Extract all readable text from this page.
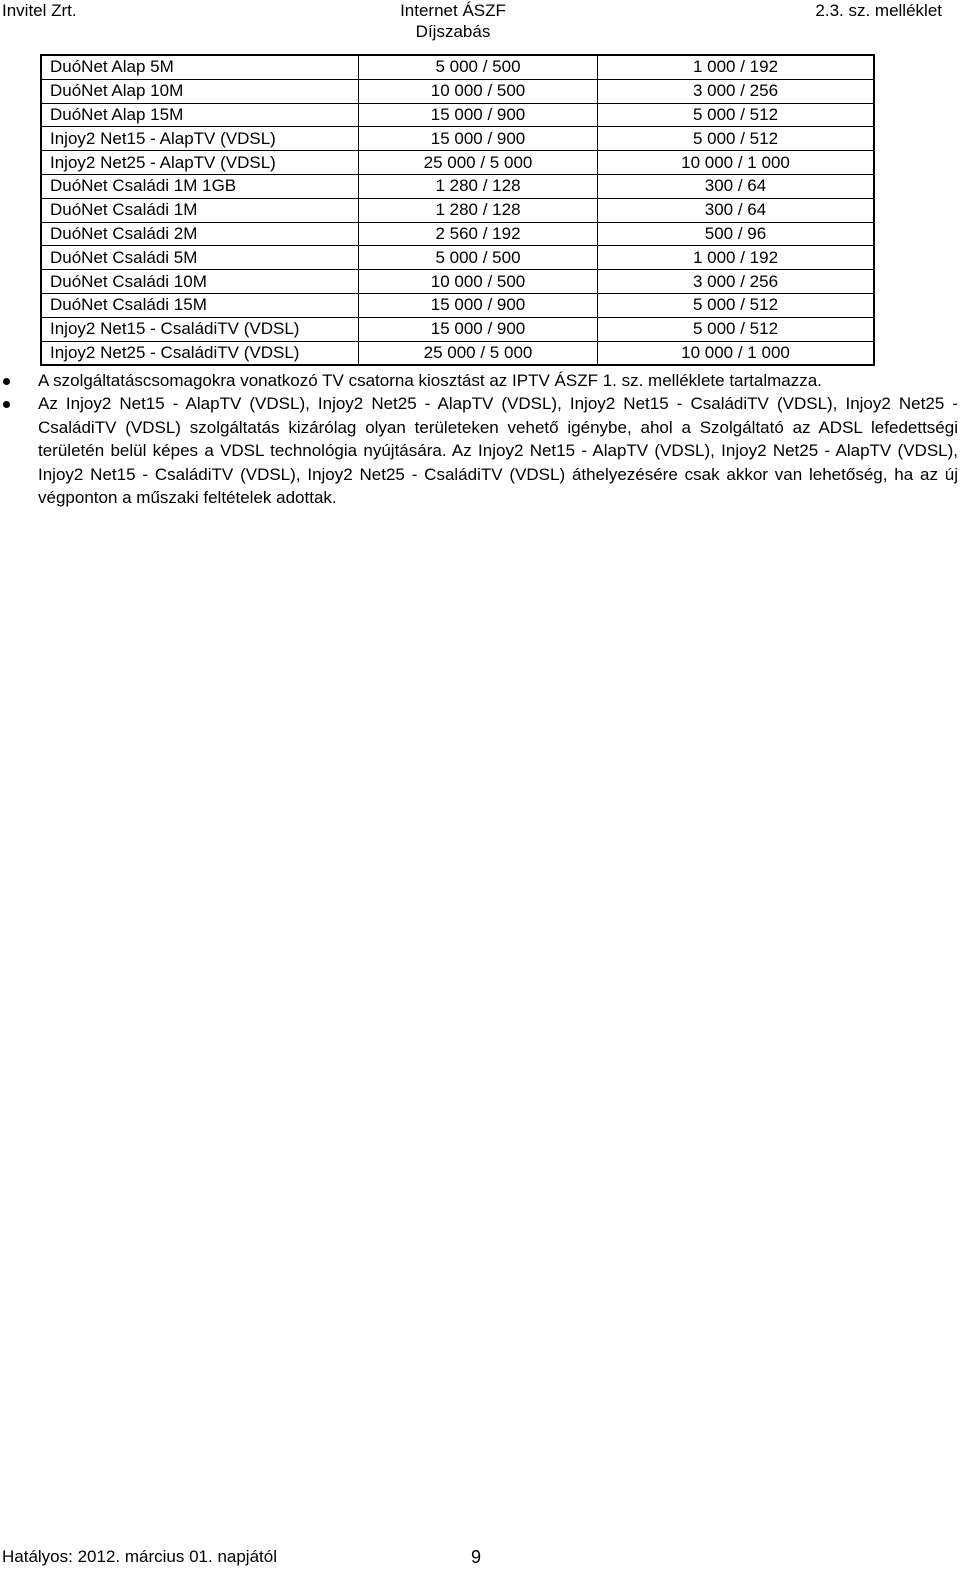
Invitel Zrt.	Internet ÁSZF
Díjszabás
2.3. sz. melléklet
DuóNet Alap 5M	5 000 / 500	1 000 / 192
DuóNet Alap 10M	10 000 / 500	3 000 / 256
DuóNet Alap 15M	15 000 / 900	5 000 / 512
Injoy2 Net15 - AlapTV (VDSL)	15 000 / 900	5 000 / 512
Injoy2 Net25 - AlapTV (VDSL)	25 000 / 5 000	10 000 / 1 000
DuóNet Családi 1M 1GB	1 280 / 128	300 / 64
DuóNet Családi 1M	1 280 / 128	300 / 64
DuóNet Családi 2M	2 560 / 192	500 / 96
DuóNet Családi 5M	5 000 / 500	1 000 / 192
DuóNet Családi 10M	10 000 / 500	3 000 / 256
DuóNet Családi 15M	15 000 / 900	5 000 / 512
Injoy2 Net15 - CsaládiTV (VDSL)	15 000 / 900	5 000 / 512
Injoy2 Net25 - CsaládiTV (VDSL)	25 000 / 5 000	10 000 / 1 000
A szolgáltatáscsomagokra vonatkozó TV csatorna kiosztást az IPTV ÁSZF 1. sz. melléklete tartalmazza.
Az Injoy2 Net15 - AlapTV (VDSL), Injoy2 Net25 - AlapTV (VDSL), Injoy2 Net15 - CsaládiTV (VDSL), Injoy2 Net25 - CsaládiTV (VDSL) szolgáltatás kizárólag olyan területeken vehető igénybe, ahol a Szolgáltató az ADSL lefedettségi területén belül képes a VDSL technológia nyújtására. Az Injoy2 Net15 - AlapTV (VDSL), Injoy2 Net25 - AlapTV (VDSL), Injoy2 Net15 - CsaládiTV (VDSL), Injoy2 Net25 - CsaládiTV (VDSL) áthelyezésére csak akkor van lehetőség, ha az új végponton a műszaki feltételek adottak.
Hatályos: 2012. március 01. napjától	9
